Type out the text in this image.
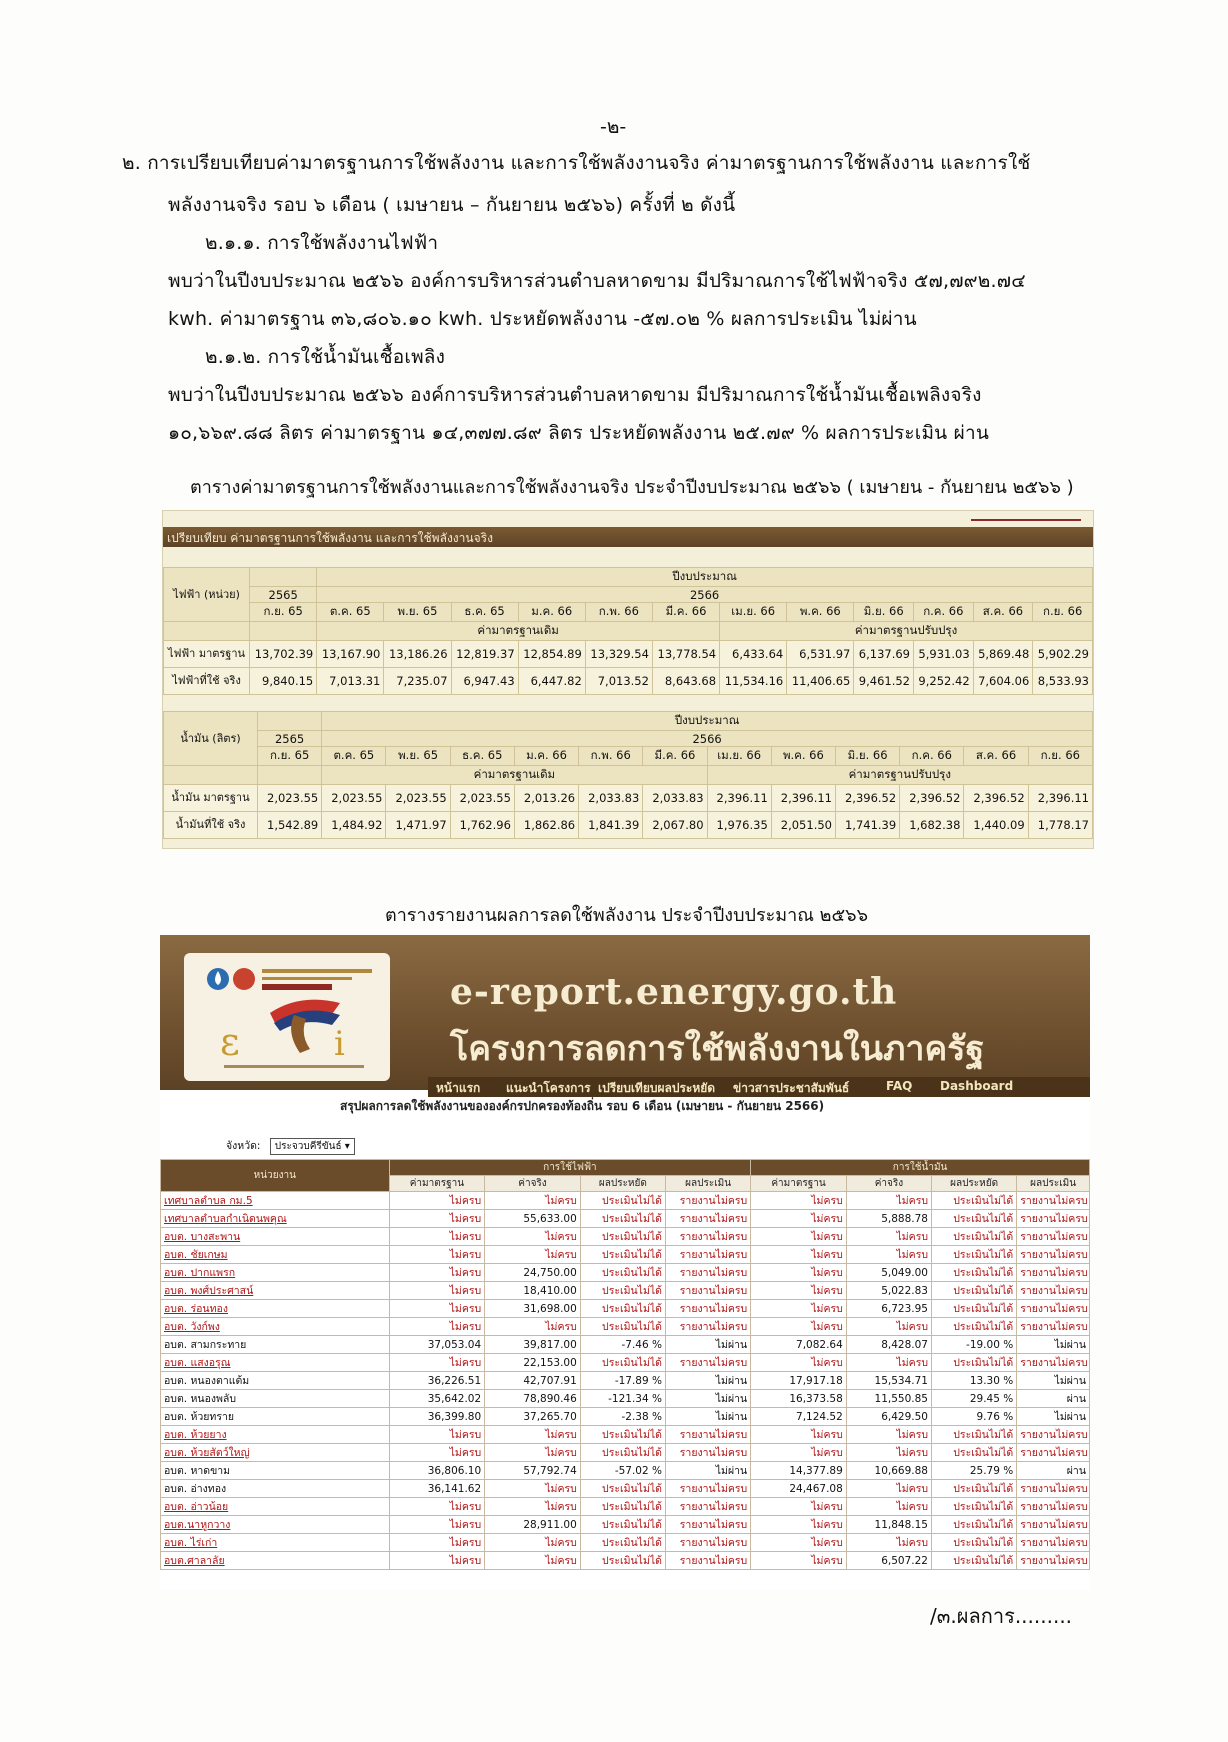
-๒-
๒. การเปรียบเทียบค่ามาตรฐานการใช้พลังงาน และการใช้พลังงานจริง ค่ามาตรฐานการใช้พลังงาน และการใช้
พลังงานจริง รอบ ๖ เดือน ( เมษายน – กันยายน ๒๕๖๖) ครั้งที่ ๒ ดังนี้
๒.๑.๑. การใช้พลังงานไฟฟ้า
พบว่าในปีงบประมาณ ๒๕๖๖ องค์การบริหารส่วนตำบลหาดขาม มีปริมาณการใช้ไฟฟ้าจริง ๕๗,๗๙๒.๗๔
kwh. ค่ามาตรฐาน ๓๖,๘๐๖.๑๐ kwh. ประหยัดพลังงาน -๕๗.๐๒ % ผลการประเมิน ไม่ผ่าน
๒.๑.๒. การใช้น้ำมันเชื้อเพลิง
พบว่าในปีงบประมาณ ๒๕๖๖ องค์การบริหารส่วนตำบลหาดขาม มีปริมาณการใช้น้ำมันเชื้อเพลิงจริง
๑๐,๖๖๙.๘๘ ลิตร ค่ามาตรฐาน ๑๔,๓๗๗.๘๙ ลิตร ประหยัดพลังงาน ๒๕.๗๙ % ผลการประเมิน ผ่าน
ตารางค่ามาตรฐานการใช้พลังงานและการใช้พลังงานจริง ประจำปีงบประมาณ ๒๕๖๖ ( เมษายน - กันยายน ๒๕๖๖ )
เปรียบเทียบ ค่ามาตรฐานการใช้พลังงาน และการใช้พลังงานจริง
ไฟฟ้า (หน่วย)		ปีงบประมาณ											
	2565	2566											
	ก.ย. 65	ต.ค. 65	พ.ย. 65	ธ.ค. 65	ม.ค. 66	ก.พ. 66	มี.ค. 66	เม.ย. 66	พ.ค. 66	มิ.ย. 66	ก.ค. 66	ส.ค. 66	ก.ย. 66
		ค่ามาตรฐานเดิม						ค่ามาตรฐานปรับปรุง					
ไฟฟ้า มาตรฐาน	13,702.39	13,167.90	13,186.26	12,819.37	12,854.89	13,329.54	13,778.54	6,433.64	6,531.97	6,137.69	5,931.03	5,869.48	5,902.29
ไฟฟ้าที่ใช้ จริง	9,840.15	7,013.31	7,235.07	6,947.43	6,447.82	7,013.52	8,643.68	11,534.16	11,406.65	9,461.52	9,252.42	7,604.06	8,533.93
น้ำมัน (ลิตร)		ปีงบประมาณ											
	2565	2566											
	ก.ย. 65	ต.ค. 65	พ.ย. 65	ธ.ค. 65	ม.ค. 66	ก.พ. 66	มี.ค. 66	เม.ย. 66	พ.ค. 66	มิ.ย. 66	ก.ค. 66	ส.ค. 66	ก.ย. 66
		ค่ามาตรฐานเดิม						ค่ามาตรฐานปรับปรุง					
น้ำมัน มาตรฐาน	2,023.55	2,023.55	2,023.55	2,023.55	2,013.26	2,033.83	2,033.83	2,396.11	2,396.11	2,396.52	2,396.52	2,396.52	2,396.11
น้ำมันที่ใช้ จริง	1,542.89	1,484.92	1,471.97	1,762.96	1,862.86	1,841.39	2,067.80	1,976.35	2,051.50	1,741.39	1,682.38	1,440.09	1,778.17
ตารางรายงานผลการลดใช้พลังงาน ประจำปีงบประมาณ ๒๕๖๖
ε	i
e-report.energy.go.th
โครงการลดการใช้พลังงานในภาครัฐ
หน้าแรก แนะนำโครงการ เปรียบเทียบผลประหยัด ข่าวสารประชาสัมพันธ์	FAQ Dashboard
สรุปผลการลดใช้พลังงานขององค์กรปกครองท้องถิ่น รอบ 6 เดือน (เมษายน - กันยายน 2566)
จังหวัด: ประจวบคีรีขันธ์ ▾
หน่วยงาน	การใช้ไฟฟ้า				การใช้น้ำมัน			
	ค่ามาตรฐาน	ค่าจริง	ผลประหยัด	ผลประเมิน	ค่ามาตรฐาน	ค่าจริง	ผลประหยัด	ผลประเมิน
เทศบาลตำบล กม.5	ไม่ครบ	ไม่ครบ	ประเมินไม่ได้	รายงานไม่ครบ	ไม่ครบ	ไม่ครบ	ประเมินไม่ได้	รายงานไม่ครบ
เทศบาลตำบลกำเนิดนพคุณ	ไม่ครบ	55,633.00	ประเมินไม่ได้	รายงานไม่ครบ	ไม่ครบ	5,888.78	ประเมินไม่ได้	รายงานไม่ครบ
อบต. บางสะพาน	ไม่ครบ	ไม่ครบ	ประเมินไม่ได้	รายงานไม่ครบ	ไม่ครบ	ไม่ครบ	ประเมินไม่ได้	รายงานไม่ครบ
อบต. ชัยเกษม	ไม่ครบ	ไม่ครบ	ประเมินไม่ได้	รายงานไม่ครบ	ไม่ครบ	ไม่ครบ	ประเมินไม่ได้	รายงานไม่ครบ
อบต. ปากแพรก	ไม่ครบ	24,750.00	ประเมินไม่ได้	รายงานไม่ครบ	ไม่ครบ	5,049.00	ประเมินไม่ได้	รายงานไม่ครบ
อบต. พงศ์ประศาสน์	ไม่ครบ	18,410.00	ประเมินไม่ได้	รายงานไม่ครบ	ไม่ครบ	5,022.83	ประเมินไม่ได้	รายงานไม่ครบ
อบต. ร่อนทอง	ไม่ครบ	31,698.00	ประเมินไม่ได้	รายงานไม่ครบ	ไม่ครบ	6,723.95	ประเมินไม่ได้	รายงานไม่ครบ
อบต. วังก์พง	ไม่ครบ	ไม่ครบ	ประเมินไม่ได้	รายงานไม่ครบ	ไม่ครบ	ไม่ครบ	ประเมินไม่ได้	รายงานไม่ครบ
อบต. สามกระทาย	37,053.04	39,817.00	-7.46 %	ไม่ผ่าน	7,082.64	8,428.07	-19.00 %	ไม่ผ่าน
อบต. แสงอรุณ	ไม่ครบ	22,153.00	ประเมินไม่ได้	รายงานไม่ครบ	ไม่ครบ	ไม่ครบ	ประเมินไม่ได้	รายงานไม่ครบ
อบต. หนองตาแต้ม	36,226.51	42,707.91	-17.89 %	ไม่ผ่าน	17,917.18	15,534.71	13.30 %	ไม่ผ่าน
อบต. หนองพลับ	35,642.02	78,890.46	-121.34 %	ไม่ผ่าน	16,373.58	11,550.85	29.45 %	ผ่าน
อบต. ห้วยทราย	36,399.80	37,265.70	-2.38 %	ไม่ผ่าน	7,124.52	6,429.50	9.76 %	ไม่ผ่าน
อบต. ห้วยยาง	ไม่ครบ	ไม่ครบ	ประเมินไม่ได้	รายงานไม่ครบ	ไม่ครบ	ไม่ครบ	ประเมินไม่ได้	รายงานไม่ครบ
อบต. ห้วยสัตว์ใหญ่	ไม่ครบ	ไม่ครบ	ประเมินไม่ได้	รายงานไม่ครบ	ไม่ครบ	ไม่ครบ	ประเมินไม่ได้	รายงานไม่ครบ
อบต. หาดขาม	36,806.10	57,792.74	-57.02 %	ไม่ผ่าน	14,377.89	10,669.88	25.79 %	ผ่าน
อบต. อ่างทอง	36,141.62	ไม่ครบ	ประเมินไม่ได้	รายงานไม่ครบ	24,467.08	ไม่ครบ	ประเมินไม่ได้	รายงานไม่ครบ
อบต. อ่าวน้อย	ไม่ครบ	ไม่ครบ	ประเมินไม่ได้	รายงานไม่ครบ	ไม่ครบ	ไม่ครบ	ประเมินไม่ได้	รายงานไม่ครบ
อบต.นาหูกวาง	ไม่ครบ	28,911.00	ประเมินไม่ได้	รายงานไม่ครบ	ไม่ครบ	11,848.15	ประเมินไม่ได้	รายงานไม่ครบ
อบต. ไร่เก่า	ไม่ครบ	ไม่ครบ	ประเมินไม่ได้	รายงานไม่ครบ	ไม่ครบ	ไม่ครบ	ประเมินไม่ได้	รายงานไม่ครบ
อบต.ศาลาลัย	ไม่ครบ	ไม่ครบ	ประเมินไม่ได้	รายงานไม่ครบ	ไม่ครบ	6,507.22	ประเมินไม่ได้	รายงานไม่ครบ
/๓.ผลการ.........
